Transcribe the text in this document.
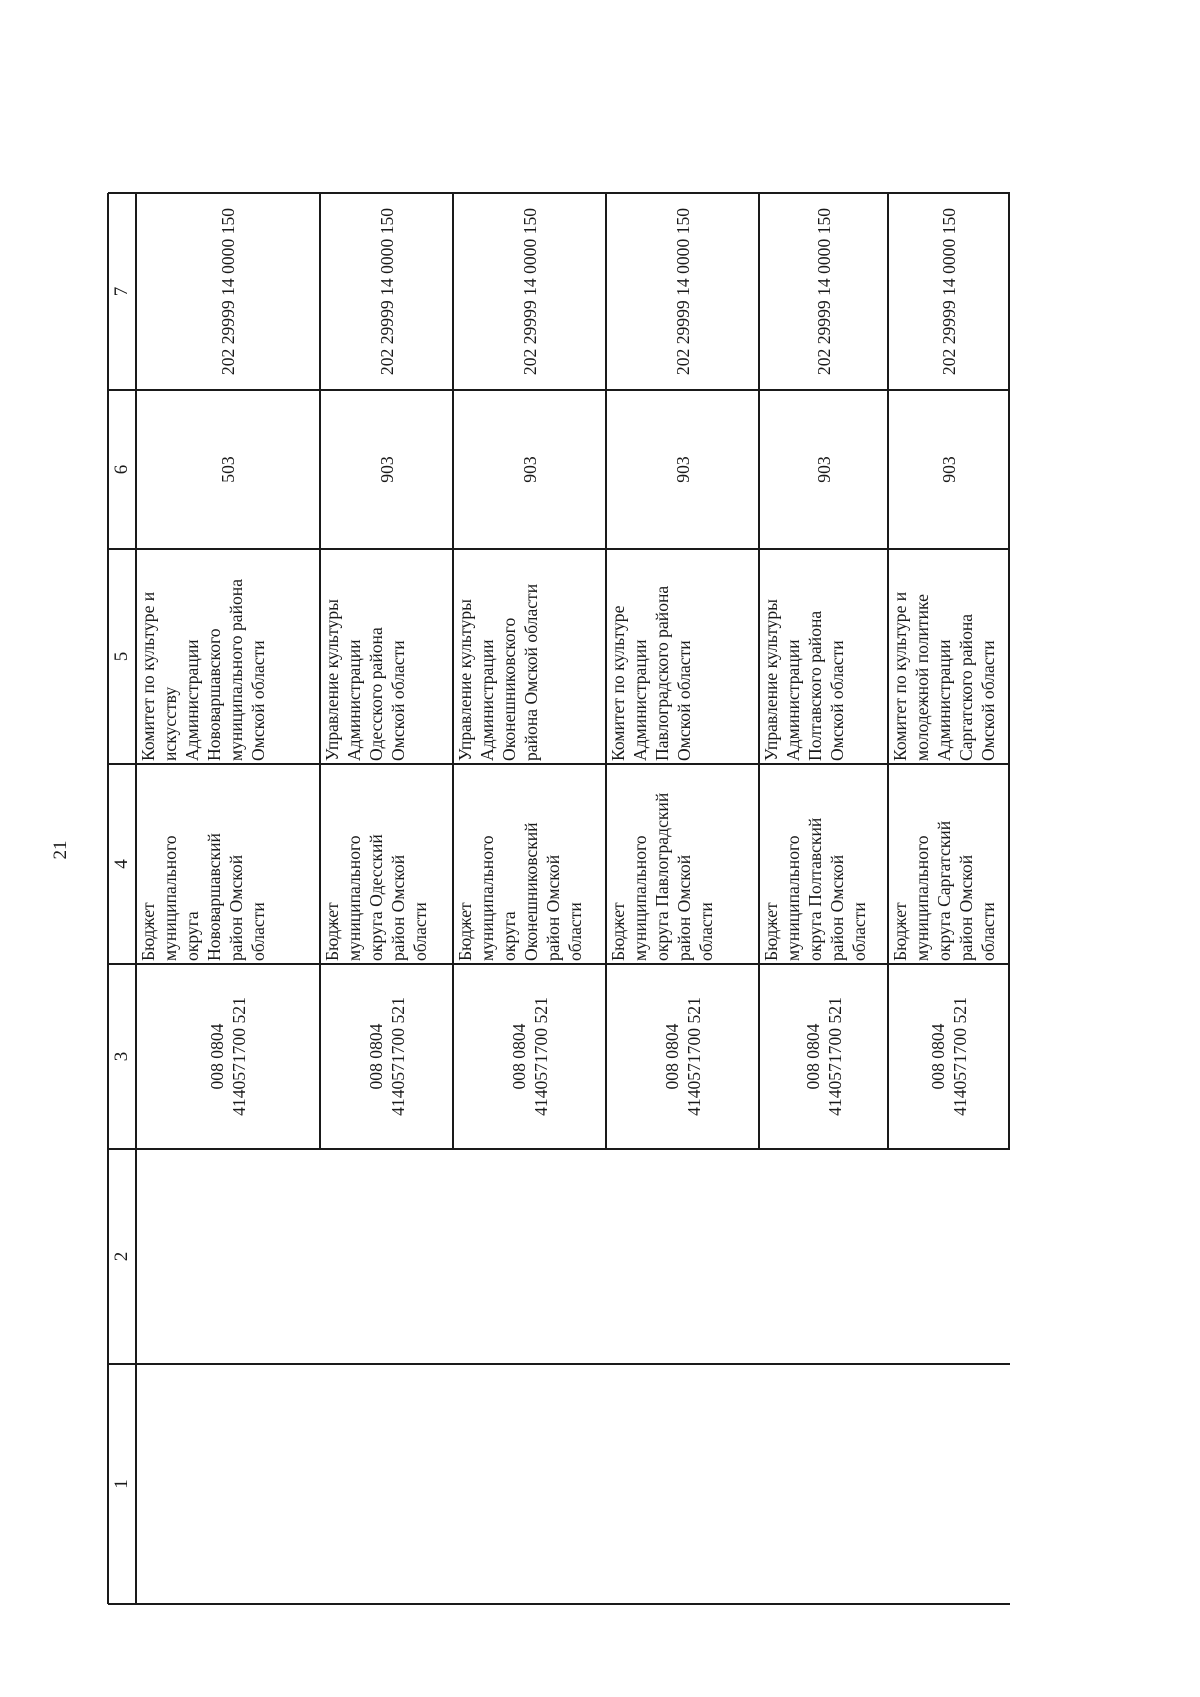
21
1
2
3
4
5
6
7
008 0804 4140571700 521
Бюджет муниципального округа Нововаршавский район Омской области
Комитет по культуре и искусству Администрации Нововаршавского муниципального района Омской области
503
202 29999 14 0000 150
008 0804 4140571700 521
Бюджет муниципального округа Одесский район Омской области
Управление культуры Администрации Одесского района Омской области
903
202 29999 14 0000 150
008 0804 4140571700 521
Бюджет муниципального округа Оконешниковский район Омской области
Управление культуры Администрации Оконешниковского района Омской области
903
202 29999 14 0000 150
008 0804 4140571700 521
Бюджет муниципального округа Павлоградский район Омской области
Комитет по культуре Администрации Павлоградского района Омской области
903
202 29999 14 0000 150
008 0804 4140571700 521
Бюджет муниципального округа Полтавский район Омской области
Управление культуры Администрации Полтавского района Омской области
903
202 29999 14 0000 150
008 0804 4140571700 521
Бюджет муниципального округа Саргатский район Омской области
Комитет по культуре и молодежной политике Администрации Саргатского района Омской области
903
202 29999 14 0000 150
